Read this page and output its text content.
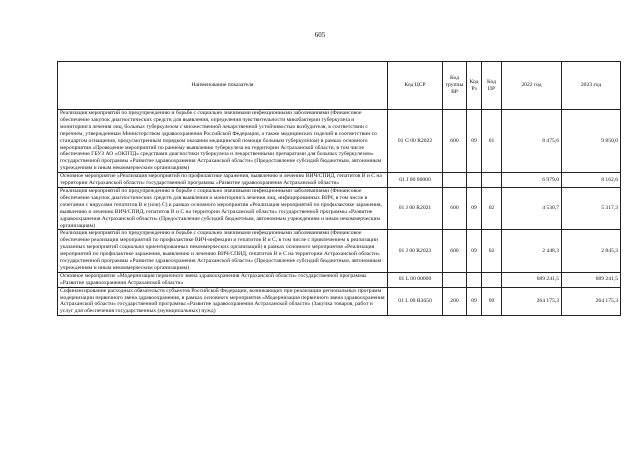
605
Наименование показателя	Код ЦСР	Код группы ВР	Код Рз	Код ПР	2022 год	2023 год
Реализация мероприятий по предупреждению и борьбе с социально значимыми инфекционными заболеваниями (Финансовое обеспечение закупок диагностических средств для выявления, определения чувствительности микобактерии туберкулеза и мониторинга лечения лиц, больных туберкулезом с множественной лекарственной устойчивостью возбудителя, в соответствии с перечнем, утвержденным Министерством здравоохранения Российской Федерации, а также медицинских изделий в соответствии со стандартом оснащения, предусмотренным порядком оказания медицинской помощи больным туберкулезом) в рамках основного мероприятия «Проведение мероприятий по раннему выявлению туберкулеза на территории Астраханской области, в том числе обеспечение ГБУЗ АО «ОКПТД» средствами диагностики туберкулеза и лекарственными препаратами для больных туберкулезом» государственной программы «Развитие здравоохранения Астраханской области» (Предоставление субсидий бюджетным, автономным учреждениям и иным некоммерческим организациям)	01 G 00 R2022	600	09	01	8 475,6	9 850,0
Основное мероприятие «Реализация мероприятий по профилактике заражения, выявлению и лечению ВИЧ/СПИД, гепатитов В и С на территории Астраханской области» государственной программы «Развитие здравоохранения Астраханской области»	01 J 00 00000				6 979,0	8 162,6
Реализация мероприятий по предупреждению и борьбе с социально значимыми инфекционными заболеваниями (Финансовое обеспечение закупок диагностических средств для выявления и мониторинга лечения лиц, инфицированных ВИЧ, в том числе в сочетании с вирусами гепатитов В и (или) С) в рамках основного мероприятия «Реализация мероприятий по профилактике заражения, выявлению и лечению ВИЧ/СПИД, гепатитов В и С на территории Астраханской области» государственной программы «Развитие здравоохранения Астраханской области» (Предоставление субсидий бюджетным, автономным учреждениям и иным некоммерческим организациям)	01 J 00 R2021	600	09	02	4 530,7	5 317,3
Реализация мероприятий по предупреждению и борьбе с социально значимыми инфекционными заболеваниями (Финансовое обеспечение реализации мероприятий по профилактике ВИЧ-инфекции и гепатитов В и С, в том числе с привлечением к реализации указанных мероприятий социально ориентированных некоммерческих организаций) в рамках основного мероприятия «Реализация мероприятий по профилактике заражения, выявлению и лечению ВИЧ/СПИД, гепатитов В и С на территории Астраханской области» государственной программы «Развитие здравоохранения Астраханской области» (Предоставление субсидий бюджетным, автономным учреждениям и иным некоммерческим организациям)	01 J 00 R2023	600	09	02	2 448,3	2 845,3
Основное мероприятие «Модернизация первичного звена здравоохранения Астраханской области» государственной программы «Развитие здравоохранения Астраханской области»	01 L 00 00000				689 241,5	689 241,5
Софинансирование расходных обязательств субъектов Российской Федерации, возникающих при реализации региональных программ модернизации первичного звена здравоохранения, в рамках основного мероприятия «Модернизация первичного звена здравоохранения Астраханской области» государственной программы «Развитие здравоохранения Астраханской области» (Закупка товаров, работ и услуг для обеспечения государственных (муниципальных) нужд)	01 L 00 R3650	200	09	09	264 175,3	264 175,3
